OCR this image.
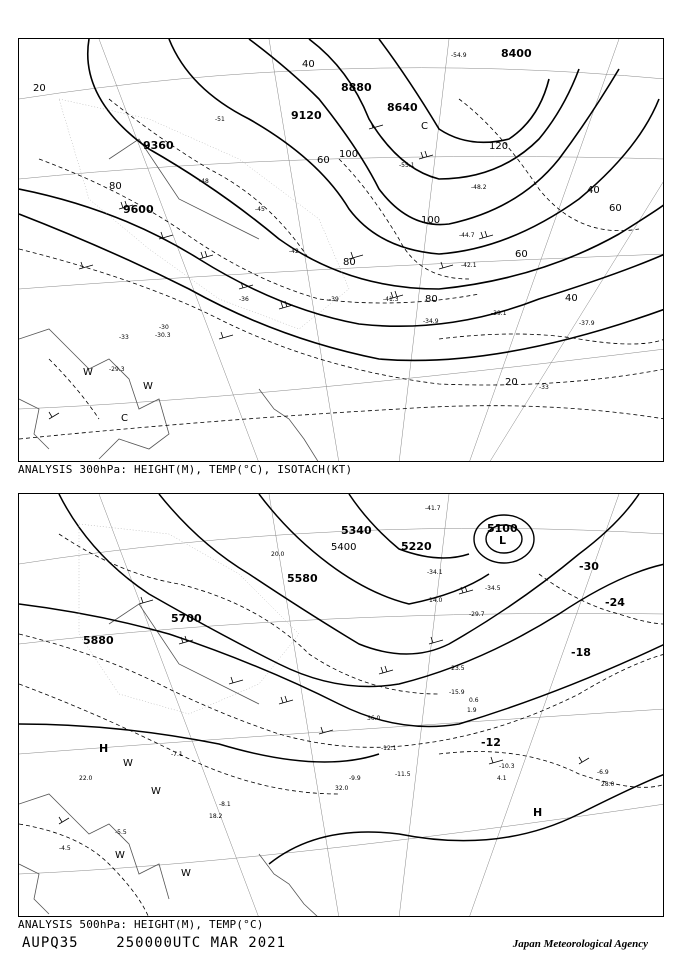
9120
8640
8400
9360
9600
8880
20
40
60
80
100
120
80
60
40
20
40
60
80
100
-51
-48
-45
-42
-39
-36
-33
-30
-54.9
-55.1
-48.2
-44.7
-42.1
-41.3
-39.1
-37.9
-34.9
-30.3
-29.3
-33
W
W
C
C
ANALYSIS 300hPa: HEIGHT(M), TEMP(°C), ISOTACH(KT)
5100
5220
5340
5400
5580
5700
5880
-30
-24
-18
-12
-41.7
-34.1
-34.5
-29.7
-23.5
-15.9
-12.1
-11.5
-10.3
-9.9
-8.1
-7.1
-6.9
-5.5
-4.5
14.0
20.0
28.0
32.0
36.0
22.0
18.2
4.1
1.9
0.6
H
H
L
W
W
W
W
ANALYSIS 500hPa: HEIGHT(M), TEMP(°C)
AUPQ35	250000UTC MAR 2021	Japan Meteorological Agency
